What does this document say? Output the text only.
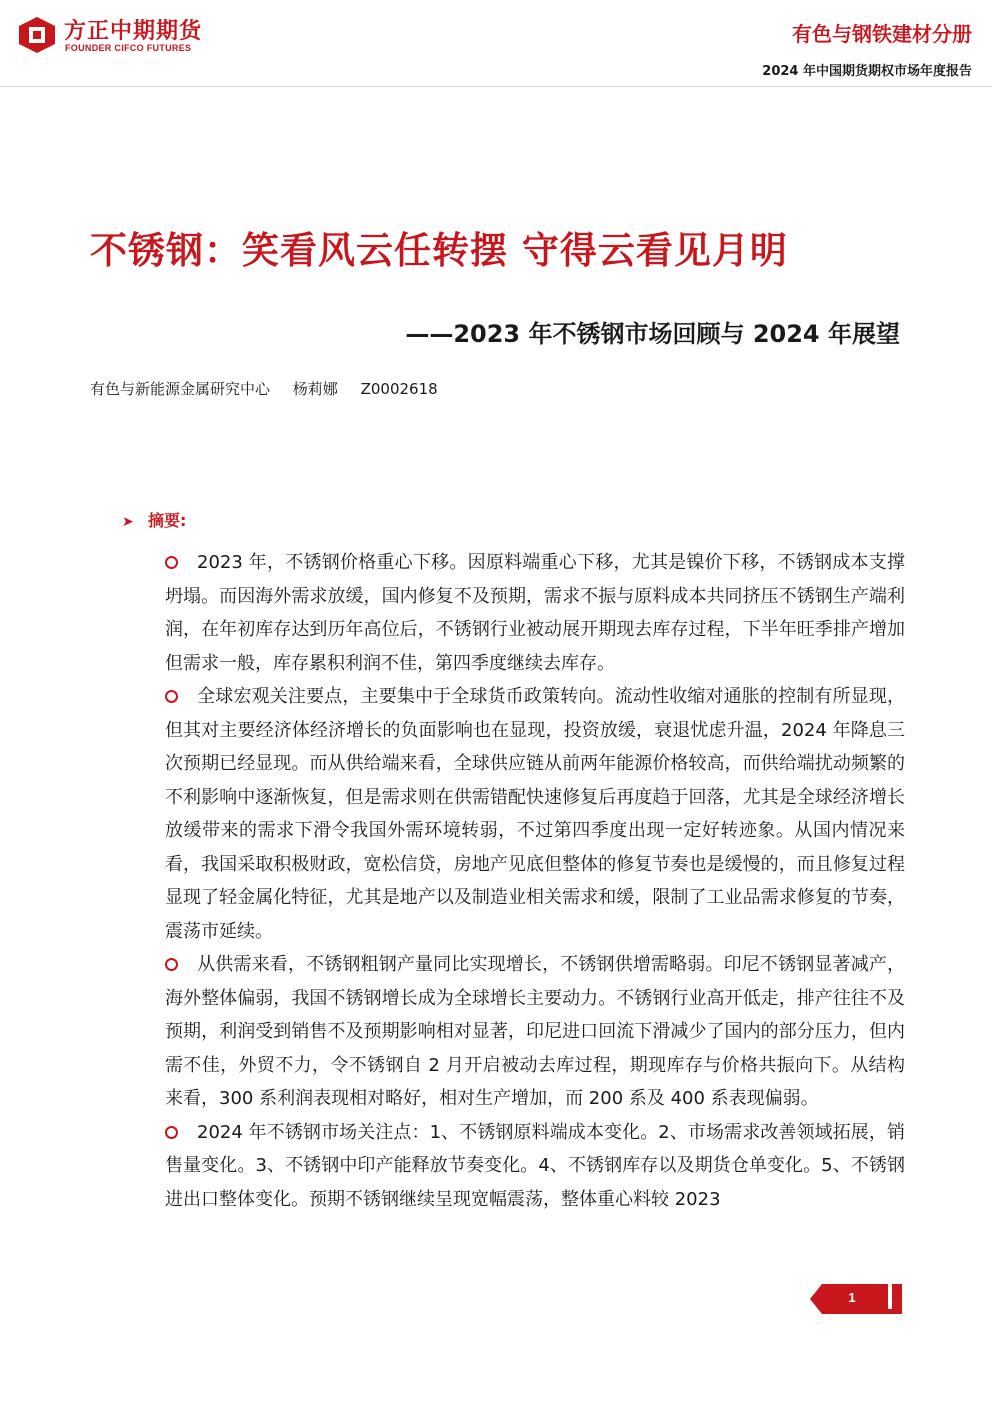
方正中期期货
FOUNDER CIFCO FUTURES
有色与钢铁建材分册
2024 年中国期货期权市场年度报告
不锈钢：笑看风云任转摆 守得云看见月明
——2023 年不锈钢市场回顾与 2024 年展望
有色与新能源金属研究中心 杨莉娜 Z0002618
➤ 摘要:
2023 年，不锈钢价格重心下移。因原料端重心下移，尤其是镍价下移，不锈钢成本支撑坍塌。而因海外需求放缓，国内修复不及预期，需求不振与原料成本共同挤压不锈钢生产端利润，在年初库存达到历年高位后，不锈钢行业被动展开期现去库存过程，下半年旺季排产增加但需求一般，库存累积利润不佳，第四季度继续去库存。
全球宏观关注要点，主要集中于全球货币政策转向。流动性收缩对通胀的控制有所显现，但其对主要经济体经济增长的负面影响也在显现，投资放缓，衰退忧虑升温，2024 年降息三次预期已经显现。而从供给端来看，全球供应链从前两年能源价格较高，而供给端扰动频繁的不利影响中逐渐恢复，但是需求则在供需错配快速修复后再度趋于回落，尤其是全球经济增长放缓带来的需求下滑令我国外需环境转弱，不过第四季度出现一定好转迹象。从国内情况来看，我国采取积极财政，宽松信贷，房地产见底但整体的修复节奏也是缓慢的，而且修复过程显现了轻金属化特征，尤其是地产以及制造业相关需求和缓，限制了工业品需求修复的节奏，震荡市延续。
从供需来看，不锈钢粗钢产量同比实现增长，不锈钢供增需略弱。印尼不锈钢显著减产，海外整体偏弱，我国不锈钢增长成为全球增长主要动力。不锈钢行业高开低走，排产往往不及预期，利润受到销售不及预期影响相对显著，印尼进口回流下滑减少了国内的部分压力，但内需不佳，外贸不力，令不锈钢自 2 月开启被动去库过程，期现库存与价格共振向下。从结构来看，300 系利润表现相对略好，相对生产增加，而 200 系及 400 系表现偏弱。
2024 年不锈钢市场关注点：1、不锈钢原料端成本变化。2、市场需求改善领域拓展，销售量变化。3、不锈钢中印产能释放节奏变化。4、不锈钢库存以及期货仓单变化。5、不锈钢进出口整体变化。预期不锈钢继续呈现宽幅震荡，整体重心料较 2023
1
